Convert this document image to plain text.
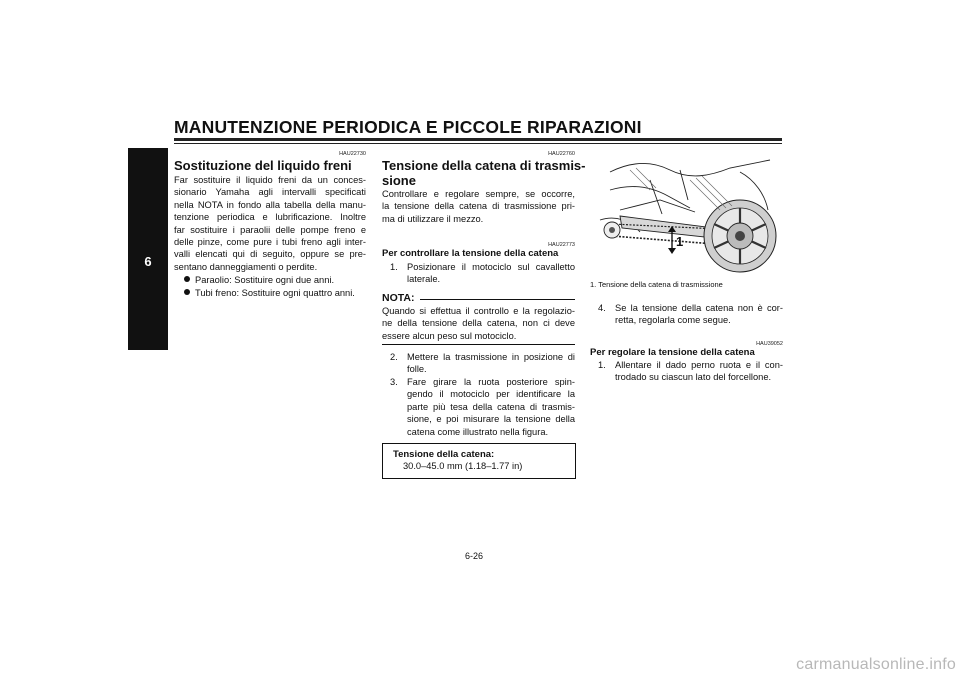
MANUTENZIONE PERIODICA E PICCOLE RIPARAZIONI
6
HAU22730
Sostituzione del liquido freni
Far sostituire il liquido freni da un conces-
sionario Yamaha agli intervalli specificati
nella NOTA in fondo alla tabella della manu-
tenzione periodica e lubrificazione. Inoltre
far sostituire i paraolii delle pompe freno e
delle pinze, come pure i tubi freno agli inter-
valli elencati qui di seguito, oppure se pre-
sentano danneggiamenti o perdite.
Paraolio: Sostituire ogni due anni.
Tubi freno: Sostituire ogni quattro anni.
HAU22760
Tensione della catena di trasmis-
sione
Controllare e regolare sempre, se occorre,
la tensione della catena di trasmissione pri-
ma di utilizzare il mezzo.
HAU22773
Per controllare la tensione della catena
1. Posizionare il motociclo sul cavalletto
laterale.
NOTA:
Quando si effettua il controllo e la regolazio-
ne della tensione della catena, non ci deve
essere alcun peso sul motociclo.
2. Mettere la trasmissione in posizione di
folle.
3. Fare girare la ruota posteriore spin-
gendo il motociclo per identificare la
parte più tesa della catena di trasmis-
sione, e poi misurare la tensione della
catena come illustrato nella figura.
Tensione della catena:
30.0–45.0 mm (1.18–1.77 in)
1
1. Tensione della catena di trasmissione
4. Se la tensione della catena non è cor-
retta, regolarla come segue.
HAU39052
Per regolare la tensione della catena
1. Allentare il dado perno ruota e il con-
trodado su ciascun lato del forcellone.
6-26
carmanualsonline.info
